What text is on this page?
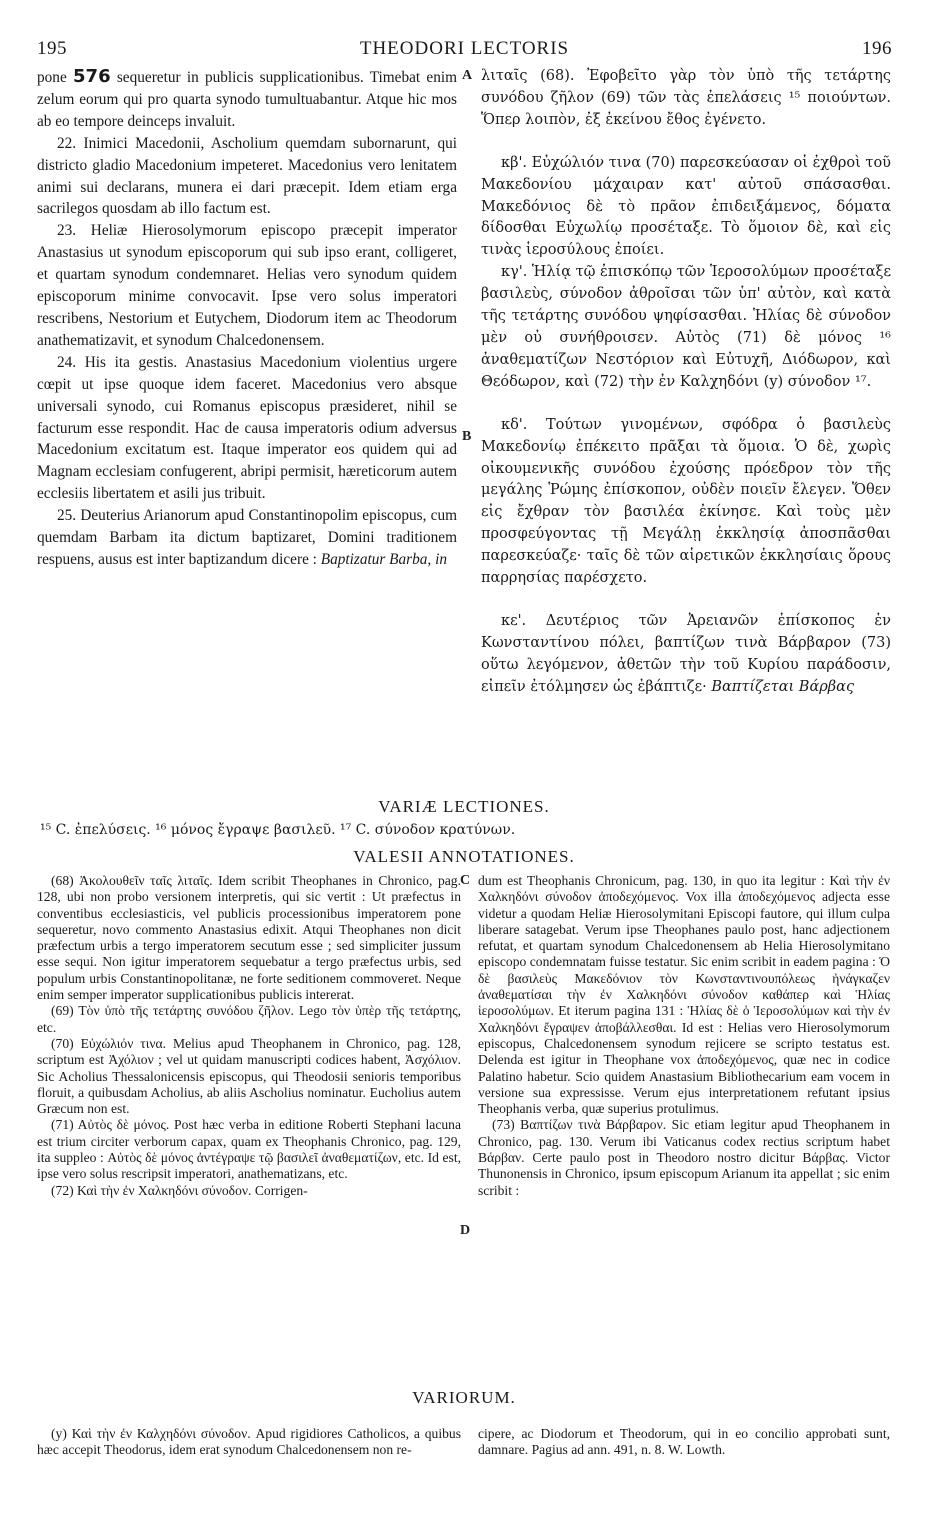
195	THEODORI LECTORIS	196

pone 576 sequeretur in publicis supplicationibus. Timebat enim zelum eorum qui pro quarta synodo tumultuabantur. Atque hic mos ab eo tempore deinceps invaluit.

22. Inimici Macedonii, Ascholium quemdam subornarunt, qui districto gladio Macedonium impeteret. Macedonius vero lenitatem animi sui declarans, munera ei dari præcepit. Idem etiam erga sacrilegos quosdam ab illo factum est.

23. Heliæ Hierosolymorum episcopo præcepit imperator Anastasius ut synodum episcoporum qui sub ipso erant, colligeret, et quartam synodum condemnaret. Helias vero synodum quidem episcoporum minime convocavit. Ipse vero solus imperatori rescribens, Nestorium et Eutychem, Diodorum item ac Theodorum anathematizavit, et synodum Chalcedonensem.

24. His ita gestis. Anastasius Macedonium violentius urgere cœpit ut ipse quoque idem faceret. Macedonius vero absque universali synodo, cui Romanus episcopus præsideret, nihil se facturum esse respondit. Hac de causa imperatoris odium adversus Macedonium excitatum est. Itaque imperator eos quidem qui ad Magnam ecclesiam confugerent, abripi permisit, hæreticorum autem ecclesiis libertatem et asili jus tribuit.

25. Deuterius Arianorum apud Constantinopolim episcopus, cum quemdam Barbam ita dictum baptizaret, Domini traditionem respuens, ausus est inter baptizandum dicere : Baptizatur Barba, in

A
B

λιταῖς (68). Ἐφοβεῖτο γὰρ τὸν ὑπὸ τῆς τετάρτης συνόδου ζῆλον (69) τῶν τὰς ἐπελάσεις ¹⁵ ποιούντων. Ὅπερ λοιπὸν, ἐξ ἐκείνου ἔθος ἐγένετο.

κβ'. Εὐχώλιόν τινα (70) παρεσκεύασαν οἱ ἐχθροὶ τοῦ Μακεδονίου μάχαιραν κατ' αὐτοῦ σπάσασθαι. Μακεδόνιος δὲ τὸ πρᾶον ἐπιδειξάμενος, δόματα δίδοσθαι Εὐχωλίῳ προσέταξε. Τὸ ὅμοιον δὲ, καὶ εἰς τινὰς ἱεροσύλους ἐποίει.

κγ'. Ἡλίᾳ τῷ ἐπισκόπῳ τῶν Ἱεροσολύμων προσέταξε βασιλεὺς, σύνοδον ἀθροῖσαι τῶν ὑπ' αὐτὸν, καὶ κατὰ τῆς τετάρτης συνόδου ψηφίσασθαι. Ἡλίας δὲ σύνοδον μὲν οὐ συνήθροισεν. Αὐτὸς (71) δὲ μόνος ¹⁶ ἀναθεματίζων Νεστόριον καὶ Εὐτυχῆ, Διόδωρον, καὶ Θεόδωρον, καὶ (72) τὴν ἐν Καλχηδόνι (y) σύνοδον ¹⁷.

κδ'. Τούτων γινομένων, σφόδρα ὁ βασιλεὺς Μακεδονίῳ ἐπέκειτο πρᾶξαι τὰ ὅμοια. Ὁ δὲ, χωρὶς οἰκουμενικῆς συνόδου ἐχούσης πρόεδρον τὸν τῆς μεγάλης Ῥώμης ἐπίσκοπον, οὐδὲν ποιεῖν ἔλεγεν. Ὅθεν εἰς ἔχθραν τὸν βασιλέα ἐκίνησε. Καὶ τοὺς μὲν προσφεύγοντας τῇ Μεγάλῃ ἐκκλησίᾳ ἀποσπᾶσθαι παρεσκεύαζε· ταῖς δὲ τῶν αἱρετικῶν ἐκκλησίαις ὅρους παρρησίας παρέσχετο.

κε'. Δευτέριος τῶν Ἀρειανῶν ἐπίσκοπος ἐν Κωνσταντίνου πόλει, βαπτίζων τινὰ Βάρβαρον (73) οὕτω λεγόμενον, ἀθετῶν τὴν τοῦ Κυρίου παράδοσιν, εἰπεῖν ἐτόλμησεν ὡς ἐβάπτιζε· Βαπτίζεται Βάρβας

VARIÆ LECTIONES.
¹⁵ C. ἐπελύσεις. ¹⁶ μόνος ἔγραψε βασιλεῦ. ¹⁷ C. σύνοδον κρατύνων.
VALESII ANNOTATIONES.

(68) Ἀκολουθεῖν ταῖς λιταῖς. Idem scribit Theophanes in Chronico, pag. 128, ubi non probo versionem interpretis, qui sic vertit : Ut præfectus in conventibus ecclesiasticis, vel publicis processionibus imperatorem pone sequeretur, novo commento Anastasius edixit. Atqui Theophanes non dicit præfectum urbis a tergo imperatorem secutum esse ; sed simpliciter jussum esse sequi. Non igitur imperatorem sequebatur a tergo præfectus urbis, sed populum urbis Constantinopolitanæ, ne forte seditionem commoveret. Neque enim semper imperator supplicationibus publicis intererat.

(69) Τὸν ὑπὸ τῆς τετάρτης συνόδου ζῆλον. Lego τὸν ὑπὲρ τῆς τετάρτης, etc.

(70) Εὐχώλιόν τινα. Melius apud Theophanem in Chronico, pag. 128, scriptum est Ἀχόλιον ; vel ut quidam manuscripti codices habent, Ἀσχόλιον. Sic Acholius Thessalonicensis episcopus, qui Theodosii senioris temporibus floruit, a quibusdam Acholius, ab aliis Ascholius nominatur. Eucholius autem Græcum non est.

(71) Αὐτὸς δὲ μόνος. Post hæc verba in editione Roberti Stephani lacuna est trium circiter verborum capax, quam ex Theophanis Chronico, pag. 129, ita suppleo : Αὐτὸς δὲ μόνος ἀντέγραψε τῷ βασιλεῖ ἀναθεματίζων, etc. Id est, ipse vero solus rescripsit imperatori, anathematizans, etc.

(72) Καὶ τὴν ἐν Χαλκηδόνι σύνοδον. Corrigen-

C
D

dum est Theophanis Chronicum, pag. 130, in quo ita legitur : Καὶ τὴν ἐν Χαλκηδόνι σύνοδον ἀποδεχόμενος. Vox illa ἀποδεχόμενος adjecta esse videtur a quodam Heliæ Hierosolymitani Episcopi fautore, qui illum culpa liberare satagebat. Verum ipse Theophanes paulo post, hanc adjectionem refutat, et quartam synodum Chalcedonensem ab Helia Hierosolymitano episcopo condemnatam fuisse testatur. Sic enim scribit in eadem pagina : Ὁ δὲ βασιλεὺς Μακεδόνιον τὸν Κωνσταντινουπόλεως ἠνάγκαζεν ἀναθεματίσαι τὴν ἐν Χαλκηδόνι σύνοδον καθάπερ καὶ Ἡλίας ἱεροσολύμων. Et iterum pagina 131 : Ἡλίας δὲ ὁ Ἱεροσολύμων καὶ τὴν ἐν Χαλκηδόνι ἔγραψεν ἀποβάλλεσθαι. Id est : Helias vero Hierosolymorum episcopus, Chalcedonensem synodum rejicere se scripto testatus est. Delenda est igitur in Theophane vox ἀποδεχόμενος, quæ nec in codice Palatino habetur. Scio quidem Anastasium Bibliothecarium eam vocem in versione sua expressisse. Verum ejus interpretationem refutant ipsius Theophanis verba, quæ superius protulimus.

(73) Βαπτίζων τινὰ Βάρβαρον. Sic etiam legitur apud Theophanem in Chronico, pag. 130. Verum ibi Vaticanus codex rectius scriptum habet Βάρβαν. Certe paulo post in Theodoro nostro dicitur Βάρβας. Victor Thunonensis in Chronico, ipsum episcopum Arianum ita appellat ; sic enim scribit :

VARIORUM.

(y) Καὶ τὴν ἐν Καλχηδόνι σύνοδον. Apud rigidiores Catholicos, a quibus hæc accepit Theodorus, idem erat synodum Chalcedonensem non re-

cipere, ac Diodorum et Theodorum, qui in eo concilio approbati sunt, damnare. Pagius ad ann. 491, n. 8. W. Lowth.
